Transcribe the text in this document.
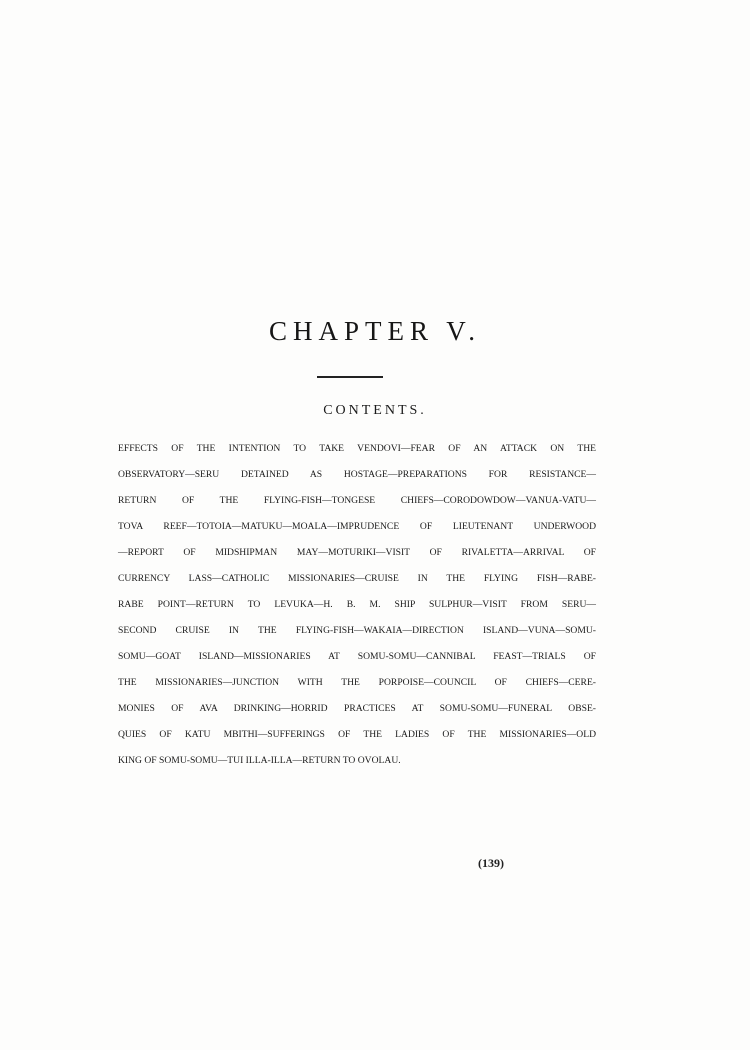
CHAPTER V.
CONTENTS.
EFFECTS OF THE INTENTION TO TAKE VENDOVI—FEAR OF AN ATTACK ON THE
OBSERVATORY—SERU DETAINED AS HOSTAGE—PREPARATIONS FOR RESISTANCE—
RETURN OF THE FLYING-FISH—TONGESE CHIEFS—CORODOWDOW—VANUA-VATU—
TOVA REEF—TOTOIA—MATUKU—MOALA—IMPRUDENCE OF LIEUTENANT UNDERWOOD
—REPORT OF MIDSHIPMAN MAY—MOTURIKI—VISIT OF RIVALETTA—ARRIVAL OF
CURRENCY LASS—CATHOLIC MISSIONARIES—CRUISE IN THE FLYING FISH—RABE-
RABE POINT—RETURN TO LEVUKA—H. B. M. SHIP SULPHUR—VISIT FROM SERU—
SECOND CRUISE IN THE FLYING-FISH—WAKAIA—DIRECTION ISLAND—VUNA—SOMU-
SOMU—GOAT ISLAND—MISSIONARIES AT SOMU-SOMU—CANNIBAL FEAST—TRIALS OF
THE MISSIONARIES—JUNCTION WITH THE PORPOISE—COUNCIL OF CHIEFS—CERE-
MONIES OF AVA DRINKING—HORRID PRACTICES AT SOMU-SOMU—FUNERAL OBSE-
QUIES OF KATU MBITHI—SUFFERINGS OF THE LADIES OF THE MISSIONARIES—OLD
KING OF SOMU-SOMU—TUI ILLA-ILLA—RETURN TO OVOLAU.
(139)
